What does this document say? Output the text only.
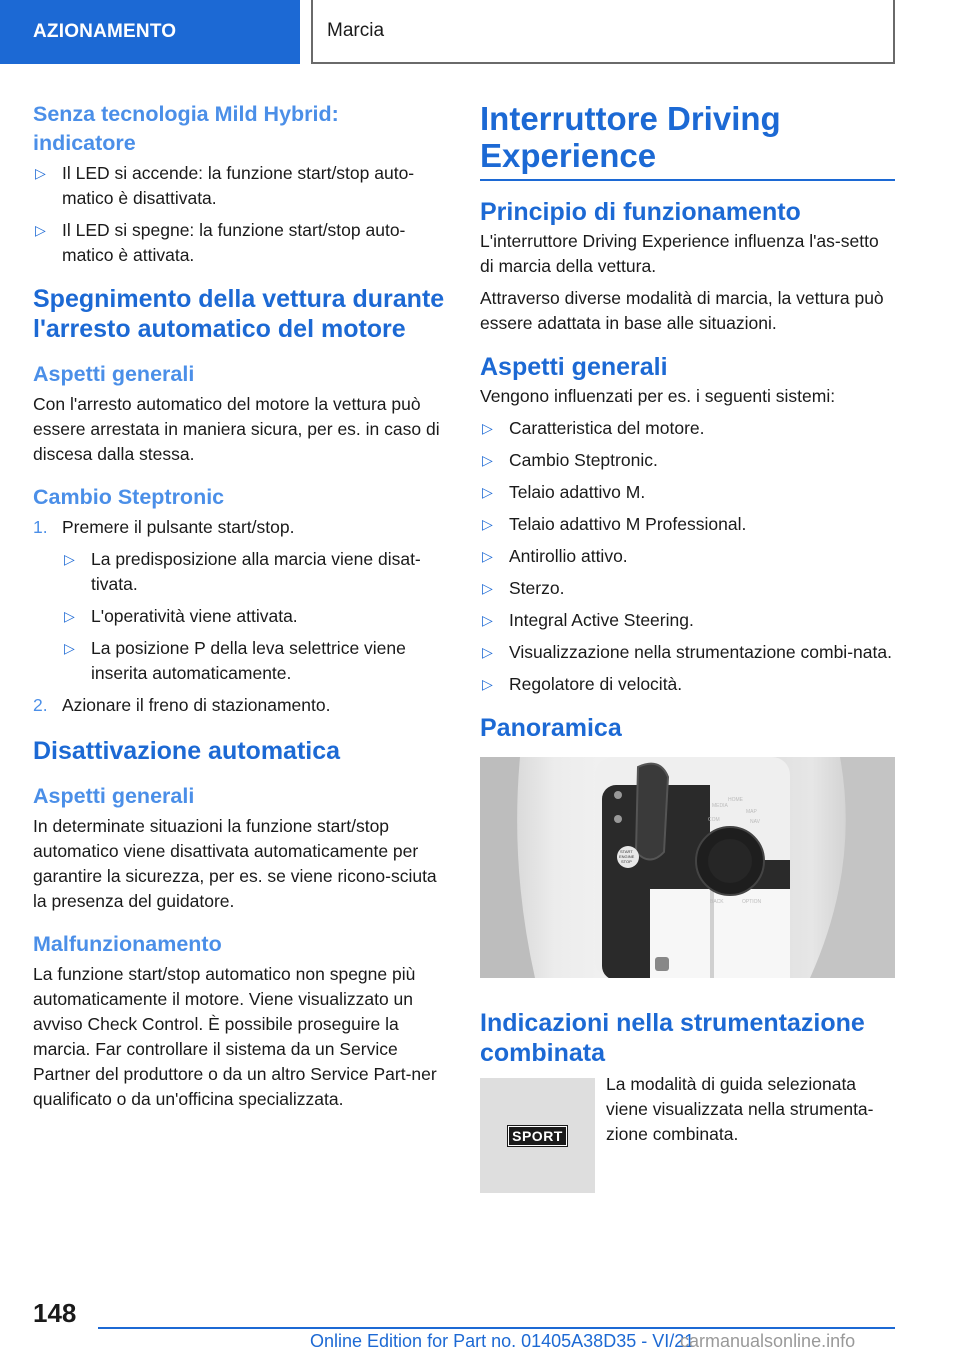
AZIONAMENTO	Marcia
Senza tecnologia Mild Hybrid: indicatore
▷ Il LED si accende: la funzione start/stop auto-matico è disattivata.
▷ Il LED si spegne: la funzione start/stop auto-matico è attivata.
Spegnimento della vettura durante l'arresto automatico del motore
Aspetti generali

Con l'arresto automatico del motore la vettura può essere arrestata in maniera sicura, per es. in caso di discesa dalla stessa.

Cambio Steptronic
1. Premere il pulsante start/stop.
▷ La predisposizione alla marcia viene disat-tivata.
▷ L'operatività viene attivata.
▷ La posizione P della leva selettrice viene inserita automaticamente.
2. Azionare il freno di stazionamento.
Disattivazione automatica
Aspetti generali

In determinate situazioni la funzione start/stop automatico viene disattivata automaticamente per garantire la sicurezza, per es. se viene ricono-sciuta la presenza del guidatore.

Malfunzionamento

La funzione start/stop automatico non spegne più automaticamente il motore. Viene visualizzato un avviso Check Control. È possibile proseguire la marcia. Far controllare il sistema da un Service Partner del produttore o da un altro Service Part-ner qualificato o da un'officina specializzata.

Interruttore Driving Experience
Principio di funzionamento

L'interruttore Driving Experience influenza l'as-setto di marcia della vettura.

Attraverso diverse modalità di marcia, la vettura può essere adattata in base alle situazioni.

Aspetti generali

Vengono influenzati per es. i seguenti sistemi:

▷ Caratteristica del motore.
▷ Cambio Steptronic.
▷ Telaio adattivo M.
▷ Telaio adattivo M Professional.
▷ Antirollio attivo.
▷ Sterzo.
▷ Integral Active Steering.
▷ Visualizzazione nella strumentazione combi-nata.
▷ Regolatore di velocità.
Panoramica
MEDIA
HOME
COM
MAP
NAV
BACK	OPTION
START
ENGINE
STOP
Indicazioni nella strumentazione combinata
SPORT

La modalità di guida selezionata viene visualizzata nella strumenta-zione combinata.

148
Online Edition for Part no. 01405A38D35 - VI/21
carmanualsonline.info
